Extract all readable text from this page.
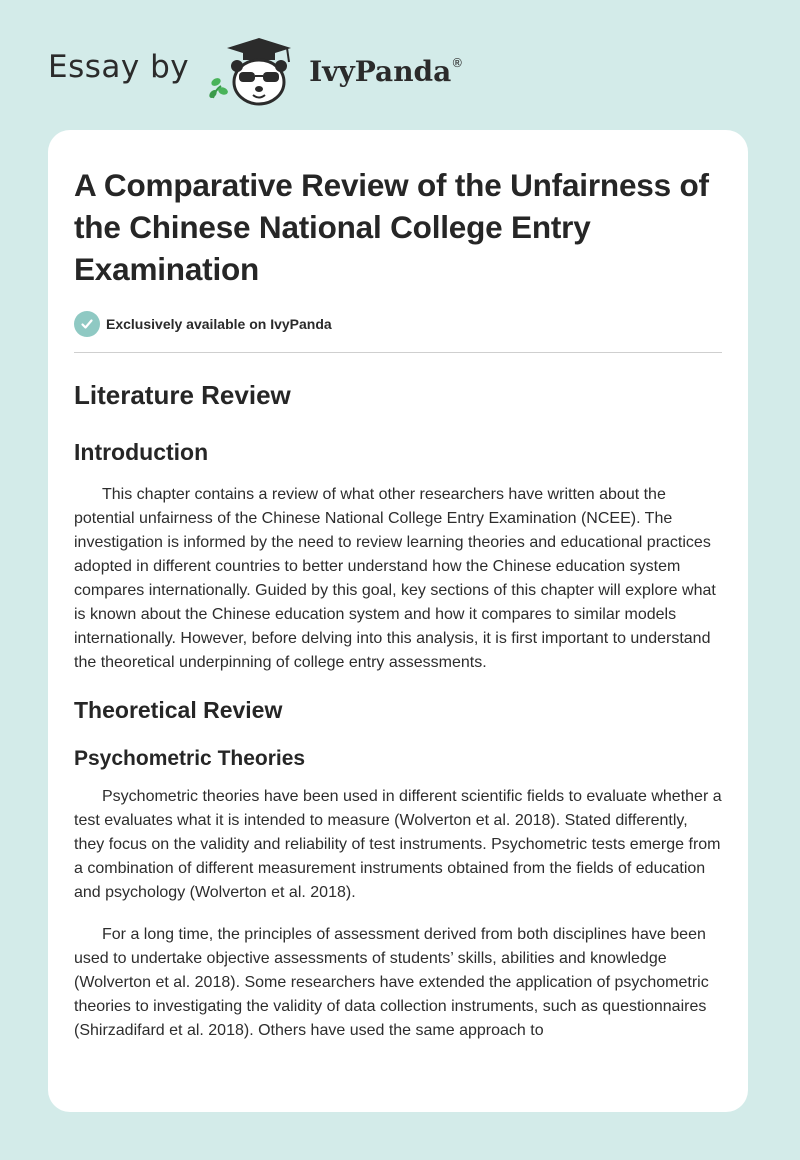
Essay by	IvyPanda®
A Comparative Review of the Unfairness of the Chinese National College Entry Examination
Exclusively available on IvyPanda
Literature Review
Introduction

This chapter contains a review of what other researchers have written about the potential unfairness of the Chinese National College Entry Examination (NCEE). The investigation is informed by the need to review learning theories and educational practices adopted in different countries to better understand how the Chinese education system compares internationally. Guided by this goal, key sections of this chapter will explore what is known about the Chinese education system and how it compares to similar models internationally. However, before delving into this analysis, it is first important to understand the theoretical underpinning of college entry assessments.

Theoretical Review
Psychometric Theories

Psychometric theories have been used in different scientific fields to evaluate whether a test evaluates what it is intended to measure (Wolverton et al. 2018). Stated differently, they focus on the validity and reliability of test instruments. Psychometric tests emerge from a combination of different measurement instruments obtained from the fields of education and psychology (Wolverton et al. 2018).

For a long time, the principles of assessment derived from both disciplines have been used to undertake objective assessments of students’ skills, abilities and knowledge (Wolverton et al. 2018). Some researchers have extended the application of psychometric theories to investigating the validity of data collection instruments, such as questionnaires (Shirzadifard et al. 2018). Others have used the same approach to
